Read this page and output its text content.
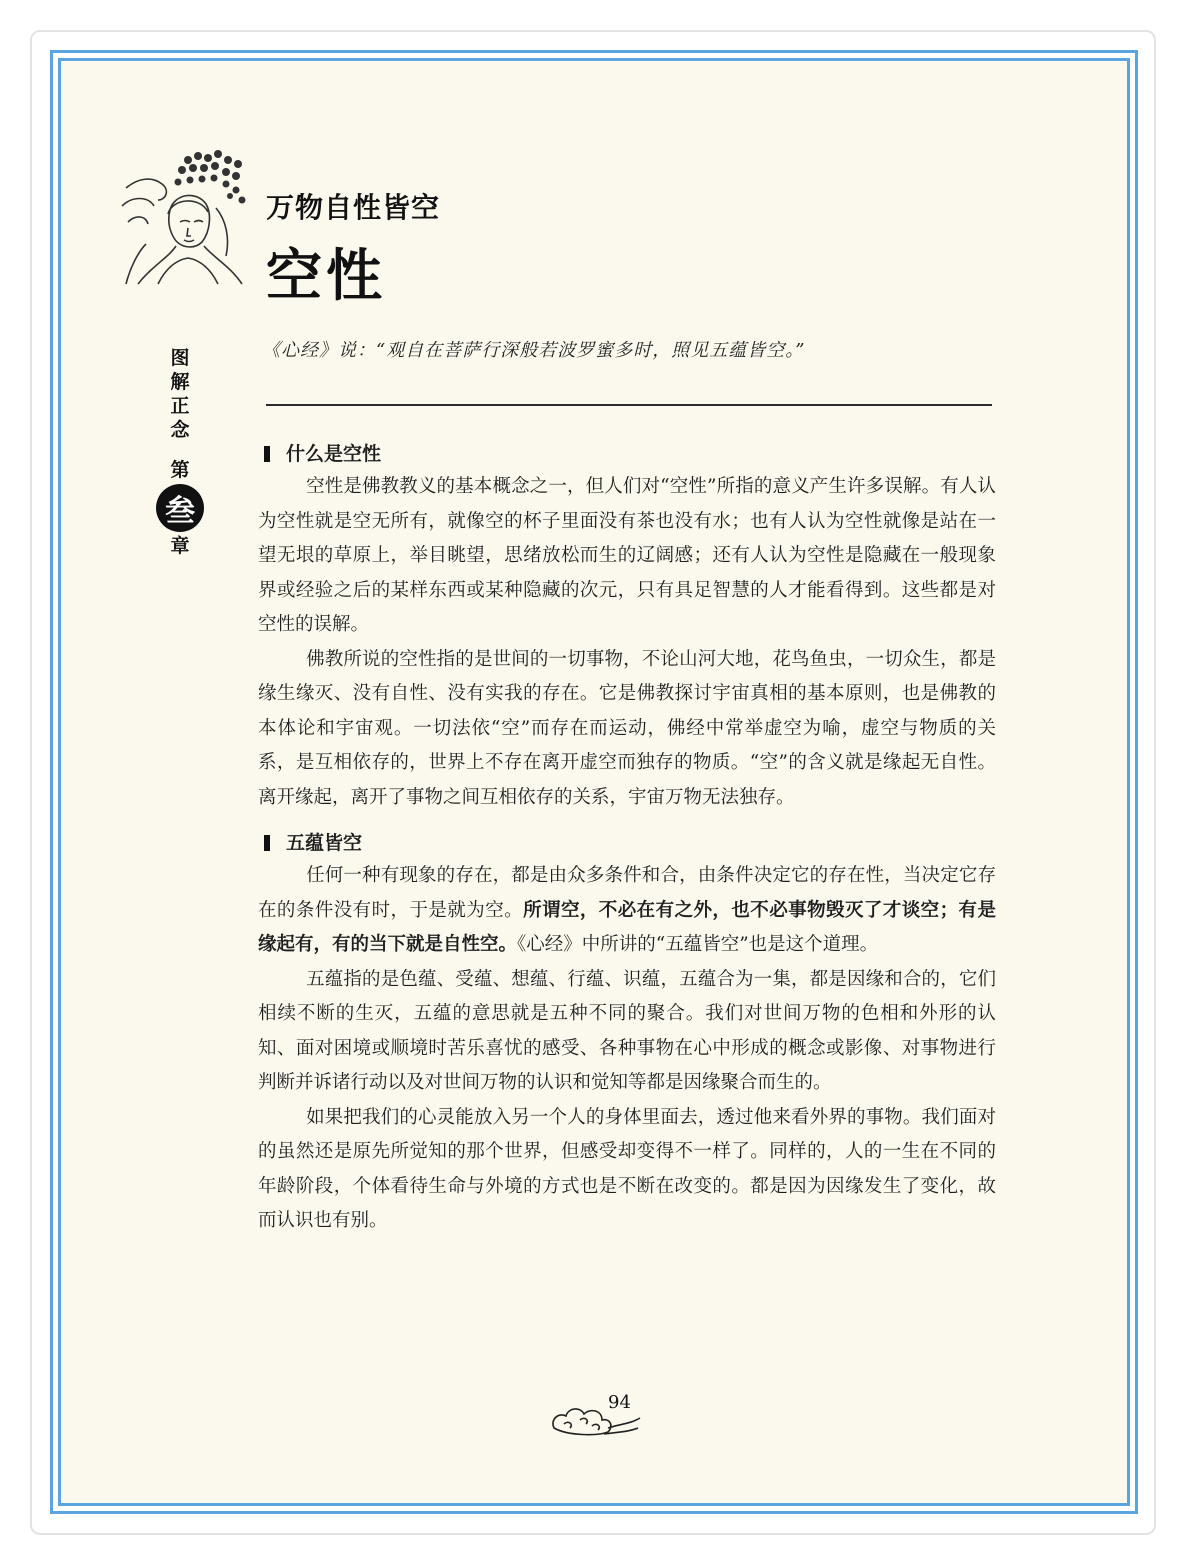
万物自性皆空
空性
图
解
正
念
第
叁
章
《心经》说：“观自在菩萨行深般若波罗蜜多时，照见五蕴皆空。”
什么是空性

空性是佛教教义的基本概念之一，但人们对“空性”所指的意义产生许多误解。有人认为空性就是空无所有，就像空的杯子里面没有茶也没有水；也有人认为空性就像是站在一望无垠的草原上，举目眺望，思绪放松而生的辽阔感；还有人认为空性是隐藏在一般现象界或经验之后的某样东西或某种隐藏的次元，只有具足智慧的人才能看得到。这些都是对空性的误解。

佛教所说的空性指的是世间的一切事物，不论山河大地，花鸟鱼虫，一切众生，都是缘生缘灭、没有自性、没有实我的存在。它是佛教探讨宇宙真相的基本原则，也是佛教的本体论和宇宙观。一切法依“空”而存在而运动，佛经中常举虚空为喻，虚空与物质的关系，是互相依存的，世界上不存在离开虚空而独存的物质。“空”的含义就是缘起无自性。离开缘起，离开了事物之间互相依存的关系，宇宙万物无法独存。

五蕴皆空

任何一种有现象的存在，都是由众多条件和合，由条件决定它的存在性，当决定它存在的条件没有时，于是就为空。所谓空，不必在有之外，也不必事物毁灭了才谈空；有是缘起有，有的当下就是自性空。《心经》中所讲的“五蕴皆空”也是这个道理。

五蕴指的是色蕴、受蕴、想蕴、行蕴、识蕴，五蕴合为一集，都是因缘和合的，它们相续不断的生灭，五蕴的意思就是五种不同的聚合。我们对世间万物的色相和外形的认知、面对困境或顺境时苦乐喜忧的感受、各种事物在心中形成的概念或影像、对事物进行判断并诉诸行动以及对世间万物的认识和觉知等都是因缘聚合而生的。

如果把我们的心灵能放入另一个人的身体里面去，透过他来看外界的事物。我们面对的虽然还是原先所觉知的那个世界，但感受却变得不一样了。同样的，人的一生在不同的年龄阶段，个体看待生命与外境的方式也是不断在改变的。都是因为因缘发生了变化，故而认识也有别。

94
